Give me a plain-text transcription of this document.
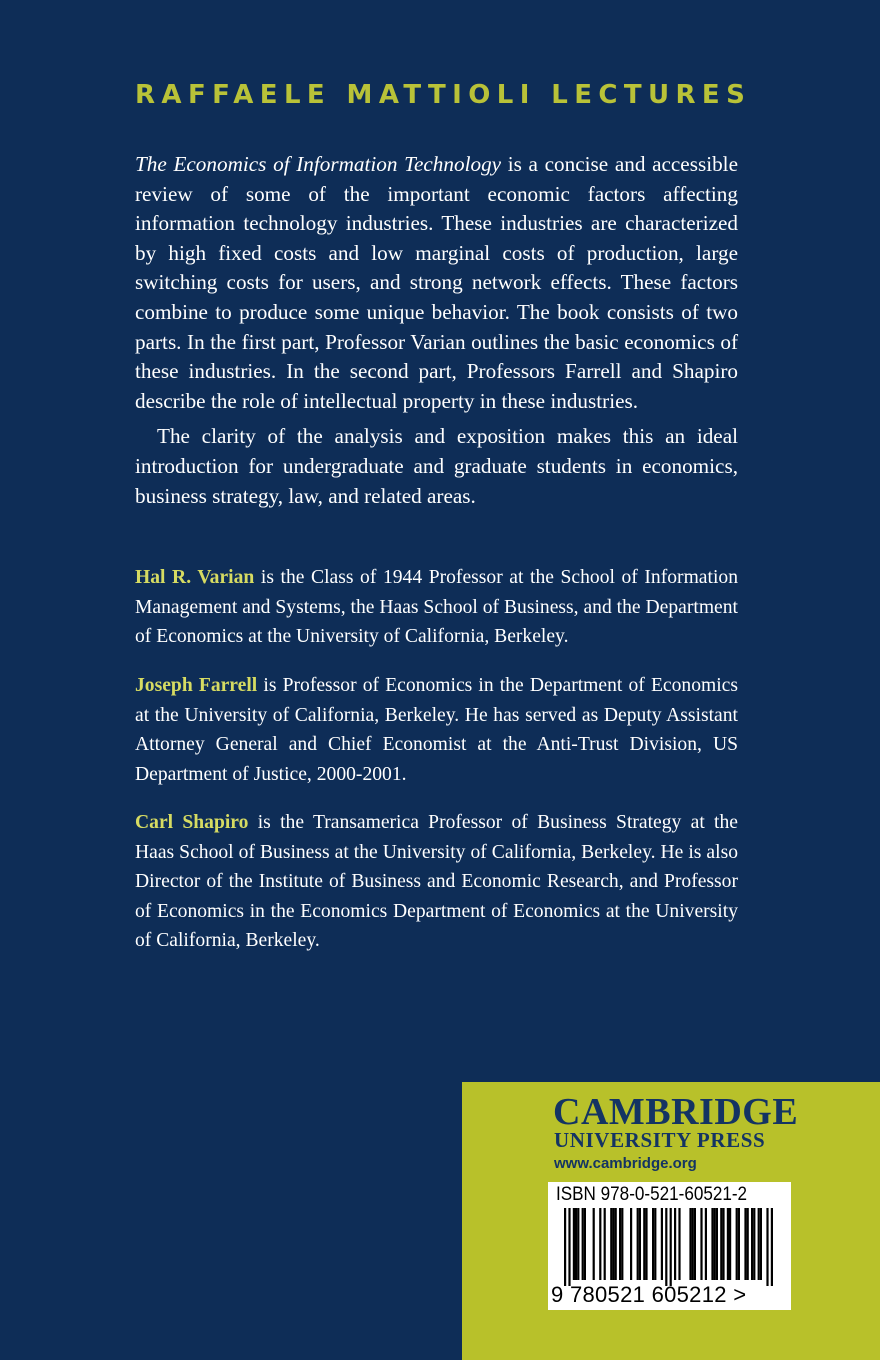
RAFFAELE MATTIOLI LECTURES

The Economics of Information Technology is a concise and accessible review of some of the important economic factors affecting information technology industries. These industries are characterized by high fixed costs and low marginal costs of production, large switching costs for users, and strong network effects. These factors combine to produce some unique behavior. The book consists of two parts. In the first part, Professor Varian outlines the basic economics of these industries. In the second part, Professors Farrell and Shapiro describe the role of intellectual property in these industries.

The clarity of the analysis and exposition makes this an ideal introduction for undergraduate and graduate students in economics, business strategy, law, and related areas.

Hal R. Varian is the Class of 1944 Professor at the School of Information Management and Systems, the Haas School of Business, and the Department of Economics at the University of California, Berkeley.

Joseph Farrell is Professor of Economics in the Department of Economics at the University of California, Berkeley. He has served as Deputy Assistant Attorney General and Chief Economist at the Anti-Trust Division, US Department of Justice, 2000-2001.

Carl Shapiro is the Transamerica Professor of Business Strategy at the Haas School of Business at the University of California, Berkeley. He is also Director of the Institute of Business and Economic Research, and Professor of Economics in the Economics Department of Economics at the University of California, Berkeley.

CAMBRIDGE
UNIVERSITY PRESS
www.cambridge.org
ISBN 978-0-521-60521-2
9 780521 605212 >
